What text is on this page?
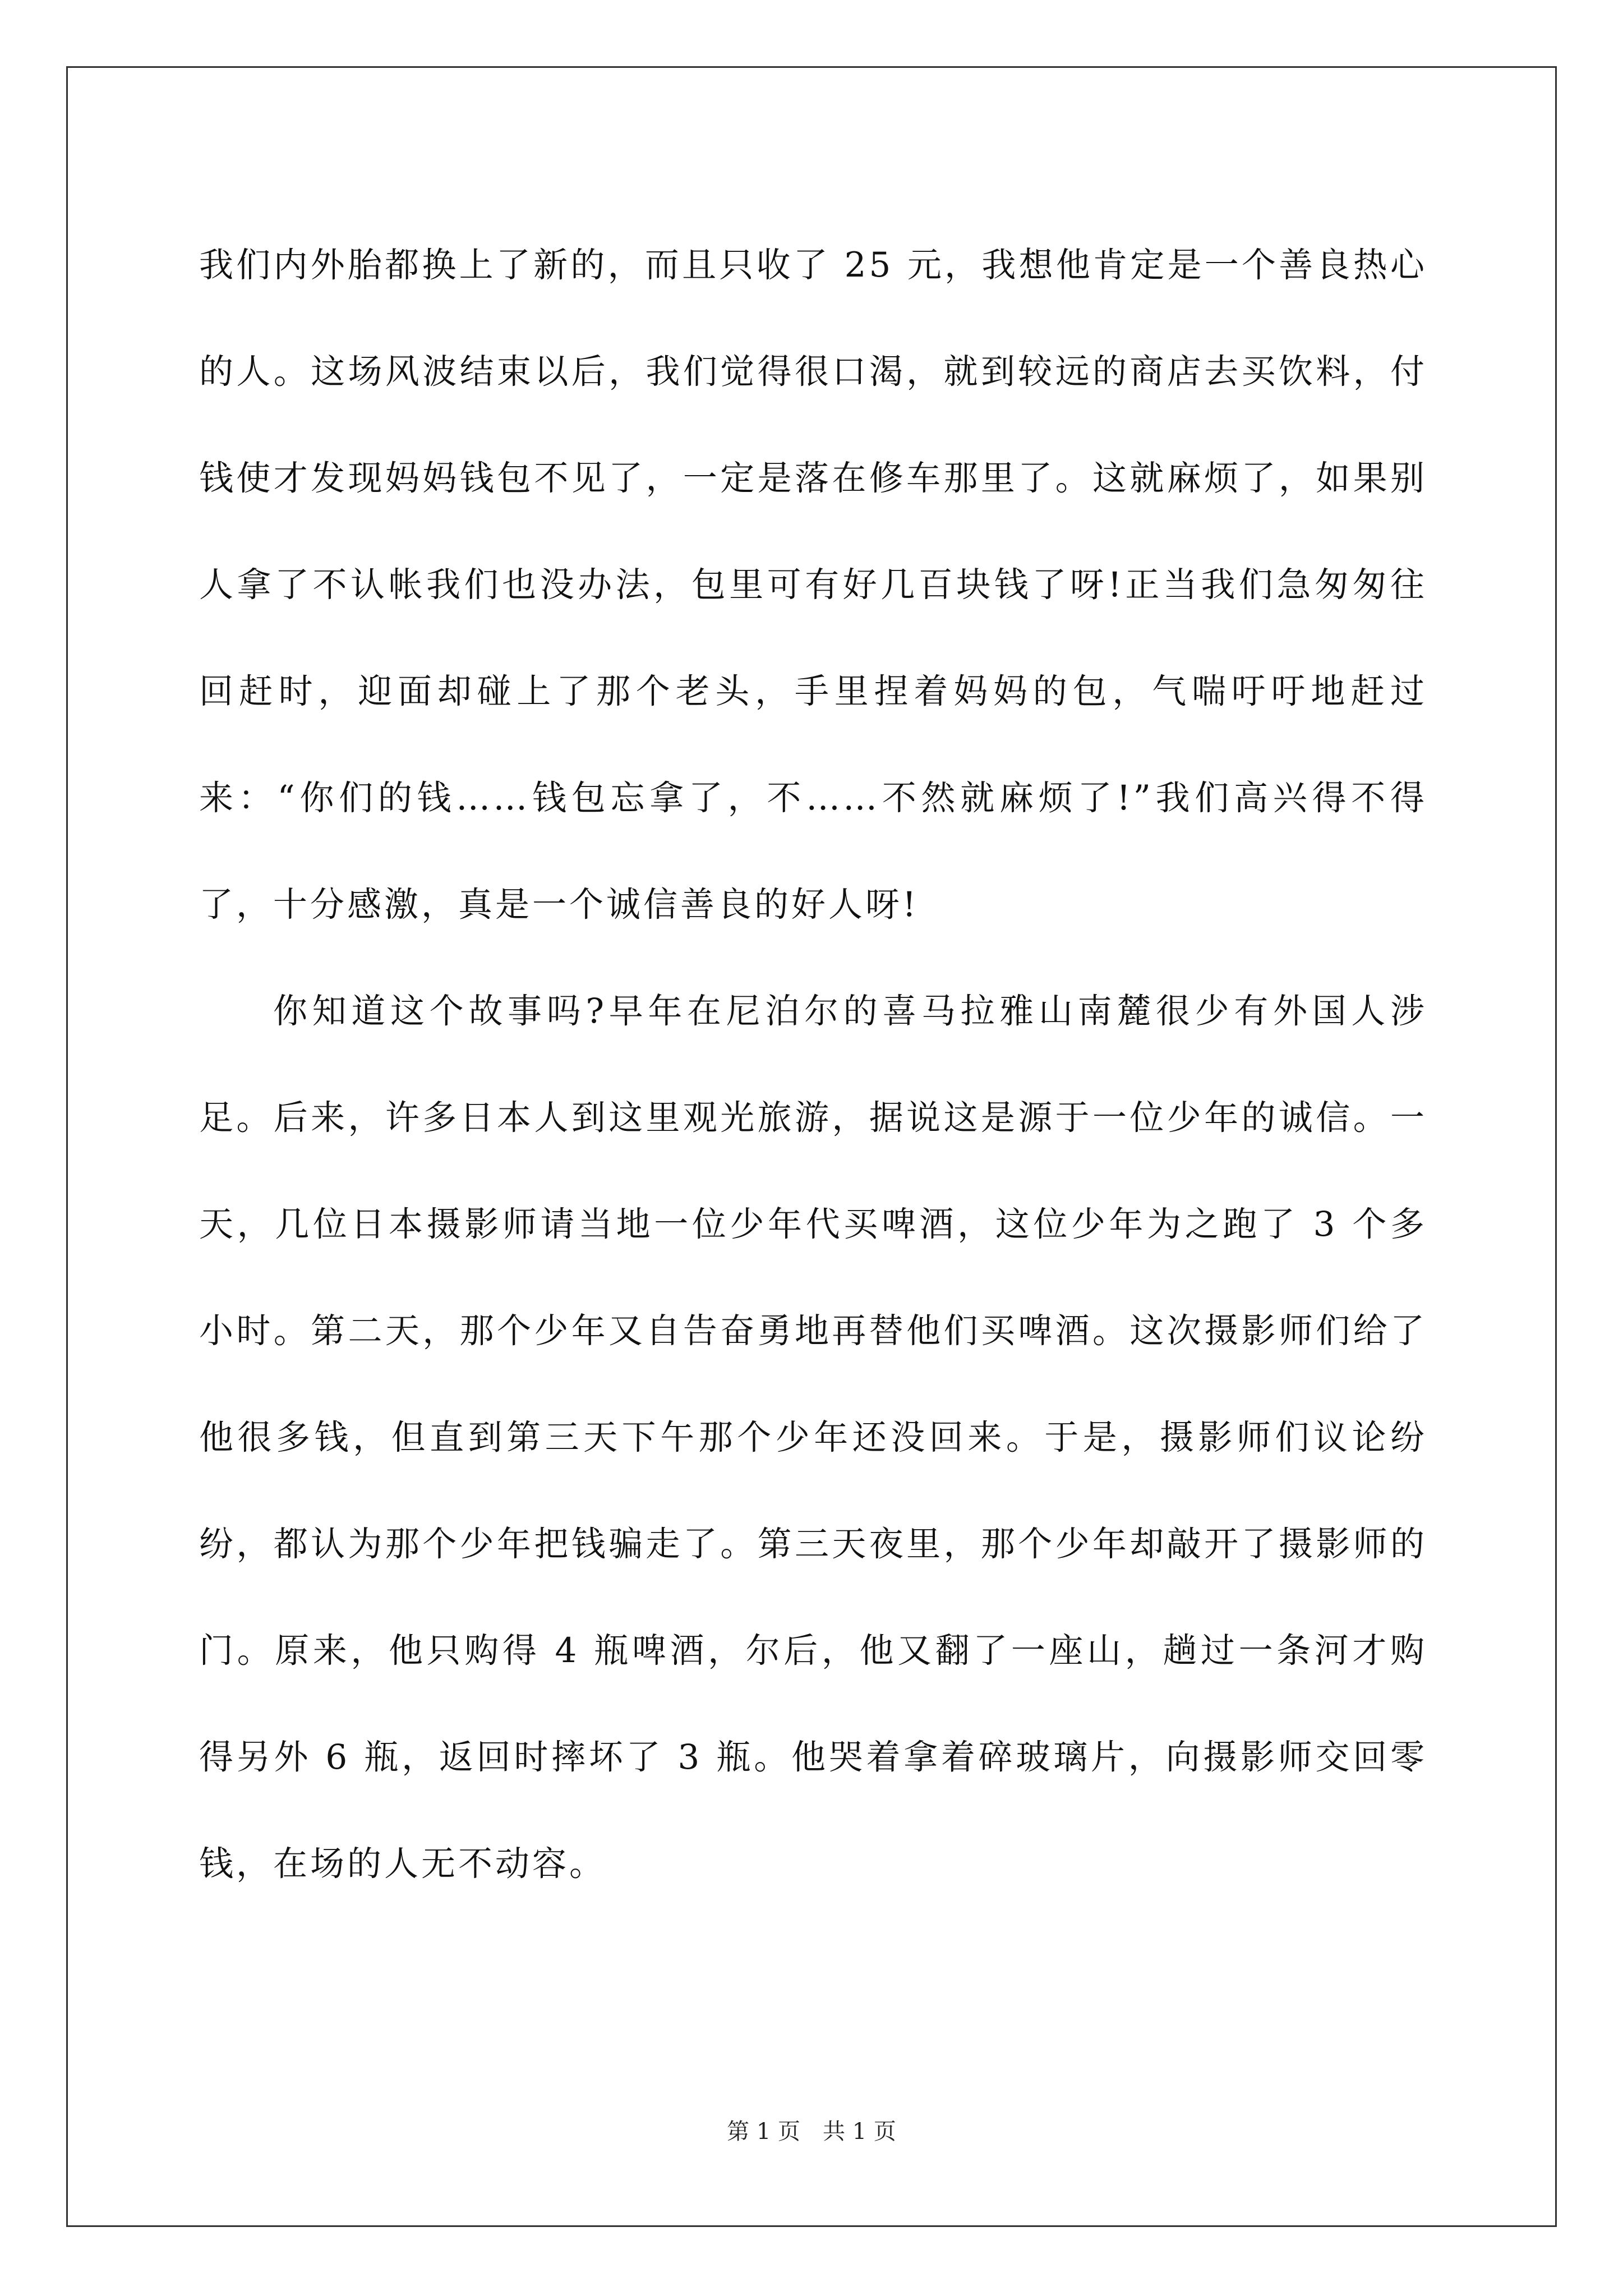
我们内外胎都换上了新的，而且只收了 25 元，我想他肯定是一个善良热心的人。这场风波结束以后，我们觉得很口渴，就到较远的商店去买饮料，付钱使才发现妈妈钱包不见了，一定是落在修车那里了。这就麻烦了，如果别人拿了不认帐我们也没办法，包里可有好几百块钱了呀!正当我们急匆匆往回赶时，迎面却碰上了那个老头，手里捏着妈妈的包，气喘吁吁地赶过来：“你们的钱……钱包忘拿了，不……不然就麻烦了!”我们高兴得不得了，十分感激，真是一个诚信善良的好人呀!

你知道这个故事吗?早年在尼泊尔的喜马拉雅山南麓很少有外国人涉足。后来，许多日本人到这里观光旅游，据说这是源于一位少年的诚信。一天，几位日本摄影师请当地一位少年代买啤酒，这位少年为之跑了 3 个多小时。第二天，那个少年又自告奋勇地再替他们买啤酒。这次摄影师们给了他很多钱，但直到第三天下午那个少年还没回来。于是，摄影师们议论纷纷，都认为那个少年把钱骗走了。第三天夜里，那个少年却敲开了摄影师的门。原来，他只购得 4 瓶啤酒，尔后，他又翻了一座山，趟过一条河才购得另外 6 瓶，返回时摔坏了 3 瓶。他哭着拿着碎玻璃片，向摄影师交回零钱，在场的人无不动容。

第 1 页 共 1 页
